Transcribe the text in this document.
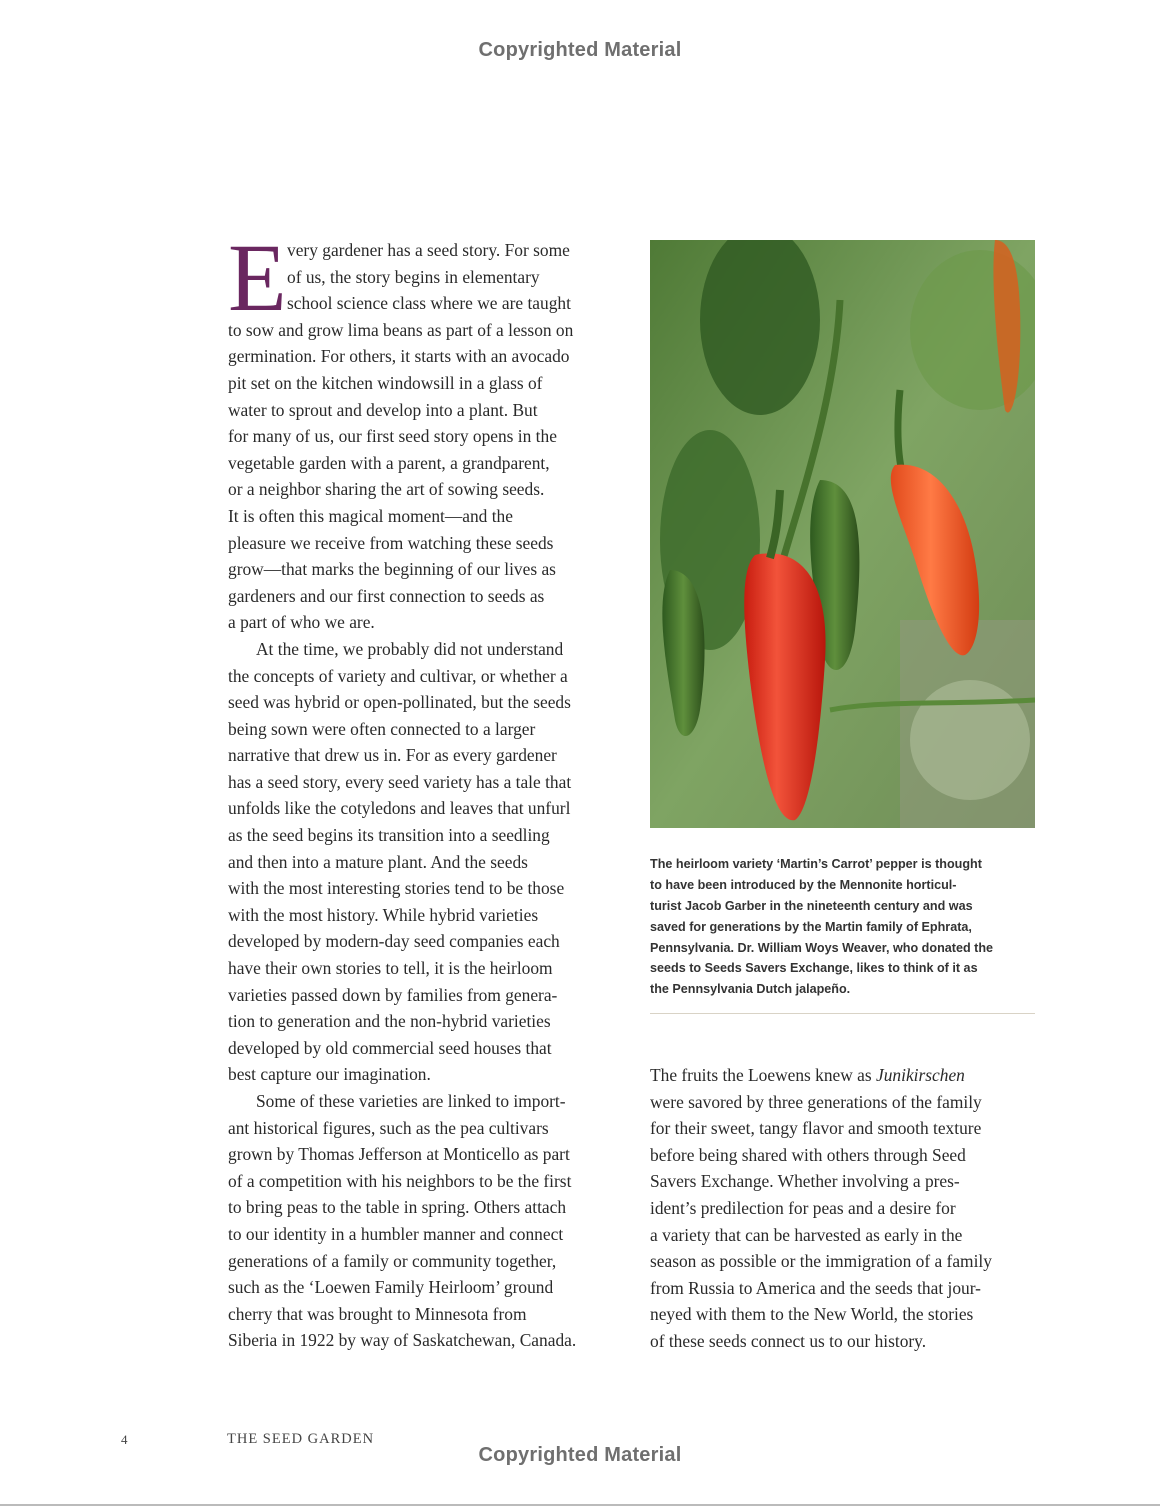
Copyrighted Material
E very gardener has a seed story. For some
of us, the story begins in elementary
school science class where we are taught
to sow and grow lima beans as part of a lesson on
germination. For others, it starts with an avocado
pit set on the kitchen windowsill in a glass of
water to sprout and develop into a plant. But
for many of us, our first seed story opens in the
vegetable garden with a parent, a grandparent,
or a neighbor sharing the art of sowing seeds.
It is often this magical moment—and the
pleasure we receive from watching these seeds
grow—that marks the beginning of our lives as
gardeners and our first connection to seeds as
a part of who we are.
At the time, we probably did not understand
the concepts of variety and cultivar, or whether a
seed was hybrid or open-pollinated, but the seeds
being sown were often connected to a larger
narrative that drew us in. For as every gardener
has a seed story, every seed variety has a tale that
unfolds like the cotyledons and leaves that unfurl
as the seed begins its transition into a seedling
and then into a mature plant. And the seeds
with the most interesting stories tend to be those
with the most history. While hybrid varieties
developed by modern-day seed companies each
have their own stories to tell, it is the heirloom
varieties passed down by families from genera-
tion to generation and the non-hybrid varieties
developed by old commercial seed houses that
best capture our imagination.
Some of these varieties are linked to import-
ant historical figures, such as the pea cultivars
grown by Thomas Jefferson at Monticello as part
of a competition with his neighbors to be the first
to bring peas to the table in spring. Others attach
to our identity in a humbler manner and connect
generations of a family or community together,
such as the ‘Loewen Family Heirloom’ ground
cherry that was brought to Minnesota from
Siberia in 1922 by way of Saskatchewan, Canada.
The heirloom variety ‘Martin’s Carrot’ pepper is thought
to have been introduced by the Mennonite horticul-
turist Jacob Garber in the nineteenth century and was
saved for generations by the Martin family of Ephrata,
Pennsylvania. Dr. William Woys Weaver, who donated the
seeds to Seeds Savers Exchange, likes to think of it as
the Pennsylvania Dutch jalapeño.
The fruits the Loewens knew as Junikirschen
were savored by three generations of the family
for their sweet, tangy flavor and smooth texture
before being shared with others through Seed
Savers Exchange. Whether involving a pres-
ident’s predilection for peas and a desire for
a variety that can be harvested as early in the
season as possible or the immigration of a family
from Russia to America and the seeds that jour-
neyed with them to the New World, the stories
of these seeds connect us to our history.
4	THE SEED GARDEN
Copyrighted Material
